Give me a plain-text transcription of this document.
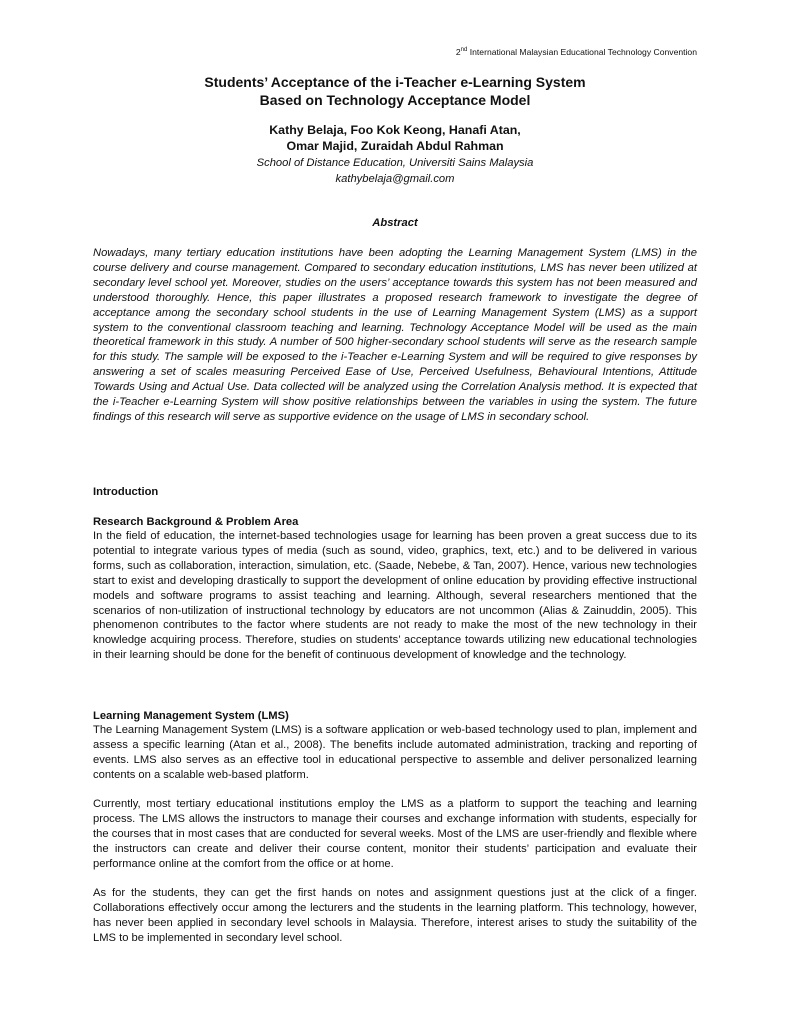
2nd International Malaysian Educational Technology Convention

Students’ Acceptance of the i-Teacher e-Learning System
Based on Technology Acceptance Model

Kathy Belaja, Foo Kok Keong, Hanafi Atan,
Omar Majid, Zuraidah Abdul Rahman

School of Distance Education, Universiti Sains Malaysia

kathybelaja@gmail.com

Abstract

Nowadays, many tertiary education institutions have been adopting the Learning Management System (LMS) in the course delivery and course management. Compared to secondary education institutions, LMS has never been utilized at secondary level school yet. Moreover, studies on the users’ acceptance towards this system has not been measured and understood thoroughly. Hence, this paper illustrates a proposed research framework to investigate the degree of acceptance among the secondary school students in the use of Learning Management System (LMS) as a support system to the conventional classroom teaching and learning. Technology Acceptance Model will be used as the main theoretical framework in this study. A number of 500 higher-secondary school students will serve as the research sample for this study. The sample will be exposed to the i-Teacher e-Learning System and will be required to give responses by answering a set of scales measuring Perceived Ease of Use, Perceived Usefulness, Behavioural Intentions, Attitude Towards Using and Actual Use. Data collected will be analyzed using the Correlation Analysis method. It is expected that the i-Teacher e-Learning System will show positive relationships between the variables in using the system. The future findings of this research will serve as supportive evidence on the usage of LMS in secondary school.

Introduction

Research Background & Problem Area

In the field of education, the internet-based technologies usage for learning has been proven a great success due to its potential to integrate various types of media (such as sound, video, graphics, text, etc.) and to be delivered in various forms, such as collaboration, interaction, simulation, etc. (Saade, Nebebe, & Tan, 2007). Hence, various new technologies start to exist and developing drastically to support the development of online education by providing effective instructional models and software programs to assist teaching and learning. Although, several researchers mentioned that the scenarios of non-utilization of instructional technology by educators are not uncommon (Alias & Zainuddin, 2005). This phenomenon contributes to the factor where students are not ready to make the most of the new technology in their knowledge acquiring process. Therefore, studies on students’ acceptance towards utilizing new educational technologies in their learning should be done for the benefit of continuous development of knowledge and the technology.

Learning Management System (LMS)

The Learning Management System (LMS) is a software application or web-based technology used to plan, implement and assess a specific learning (Atan et al., 2008). The benefits include automated administration, tracking and reporting of events. LMS also serves as an effective tool in educational perspective to assemble and deliver personalized learning contents on a scalable web-based platform.

Currently, most tertiary educational institutions employ the LMS as a platform to support the teaching and learning process. The LMS allows the instructors to manage their courses and exchange information with students, especially for the courses that in most cases that are conducted for several weeks. Most of the LMS are user-friendly and flexible where the instructors can create and deliver their course content, monitor their students’ participation and evaluate their performance online at the comfort from the office or at home.

As for the students, they can get the first hands on notes and assignment questions just at the click of a finger. Collaborations effectively occur among the lecturers and the students in the learning platform. This technology, however, has never been applied in secondary level schools in Malaysia. Therefore, interest arises to study the suitability of the LMS to be implemented in secondary level school.
